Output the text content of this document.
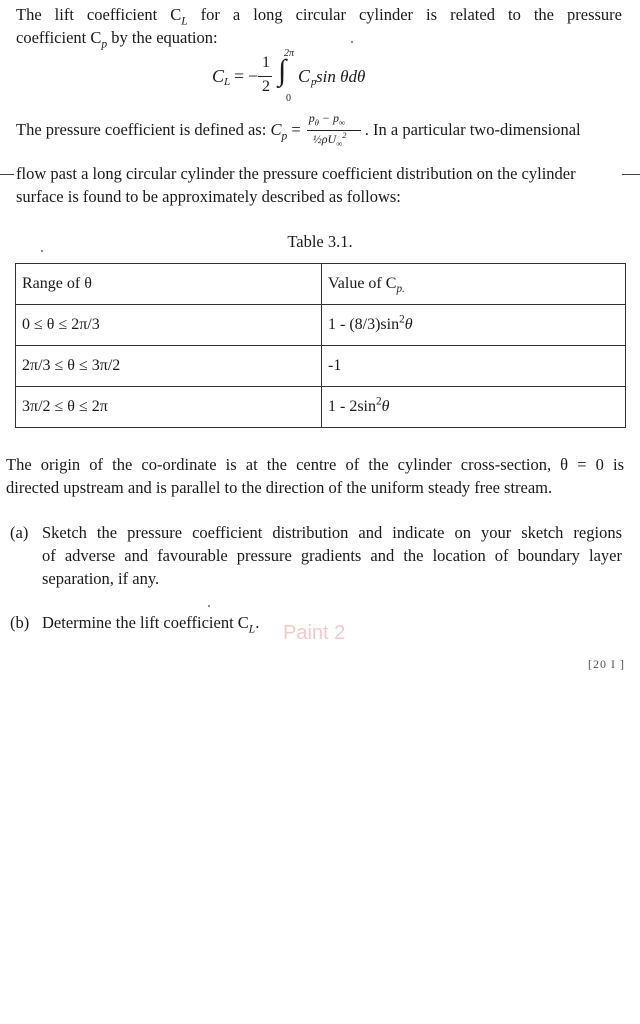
The lift coefficient $C_L$ for a long circular cylinder is related to the pressure
coefficient $C_p$ by the equation:
C L = −
1
2
2π
∫
0
C p sin θdθ
The pressure coefficient is defined as: $C_p = \frac{p_\theta - p_\infty}{\frac{1}{2}\rho U_\infty^2}$ . In a particular two-dimensional
flow past a long circular cylinder the pressure coefficient distribution on the cylinder
surface is found to be approximately described as follows:
Table 3.1.
Range of θ	Value of $C_{p.}$
0 ≤ θ ≤ 2π/3	$1 - (8/3)\sin^2\theta$
2π/3 ≤ θ ≤ 3π/2	-1
3π/2 ≤ θ ≤ 2π	$1 - 2\sin^2\theta$
The origin of the co-ordinate is at the centre of the cylinder cross-section, θ = 0 is
directed upstream and is parallel to the direction of the uniform steady free stream.
(a) Sketch the pressure coefficient distribution and indicate on your sketch regions
of adverse and favourable pressure gradients and the location of boundary layer
separation, if any.
(b) Determine the lift coefficient $C_L$. Paint 2
[20 I ]
